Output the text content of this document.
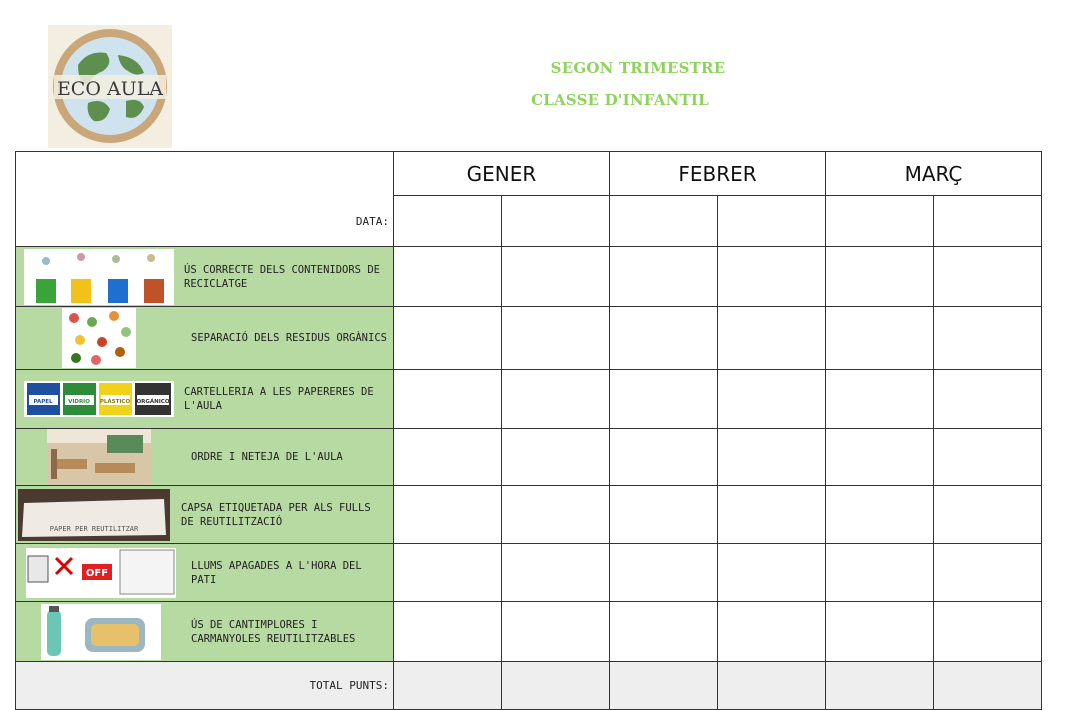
ECO AULA
SEGON TRIMESTRE
CLASSE D'INFANTIL
DATA:	GENER		FEBRER		MARÇ	

ÚS CORRECTE DELS CONTENIDORS DE RECICLATGE						

SEPARACIÓ DELS RESIDUS ORGÀNICS						

PAPEL VIDRIO PLÁSTICO ORGÁNICO
CARTELLERIA A LES PAPERERES DE L'AULA						

ORDRE I NETEJA DE L'AULA						

PAPER PER REUTILITZAR
CAPSA ETIQUETADA PER ALS FULLS DE REUTILITZACIÓ						

OFF
LLUMS APAGADES A L'HORA DEL PATI						

ÚS DE CANTIMPLORES I CARMANYOLES REUTILITZABLES						

TOTAL PUNTS:						
